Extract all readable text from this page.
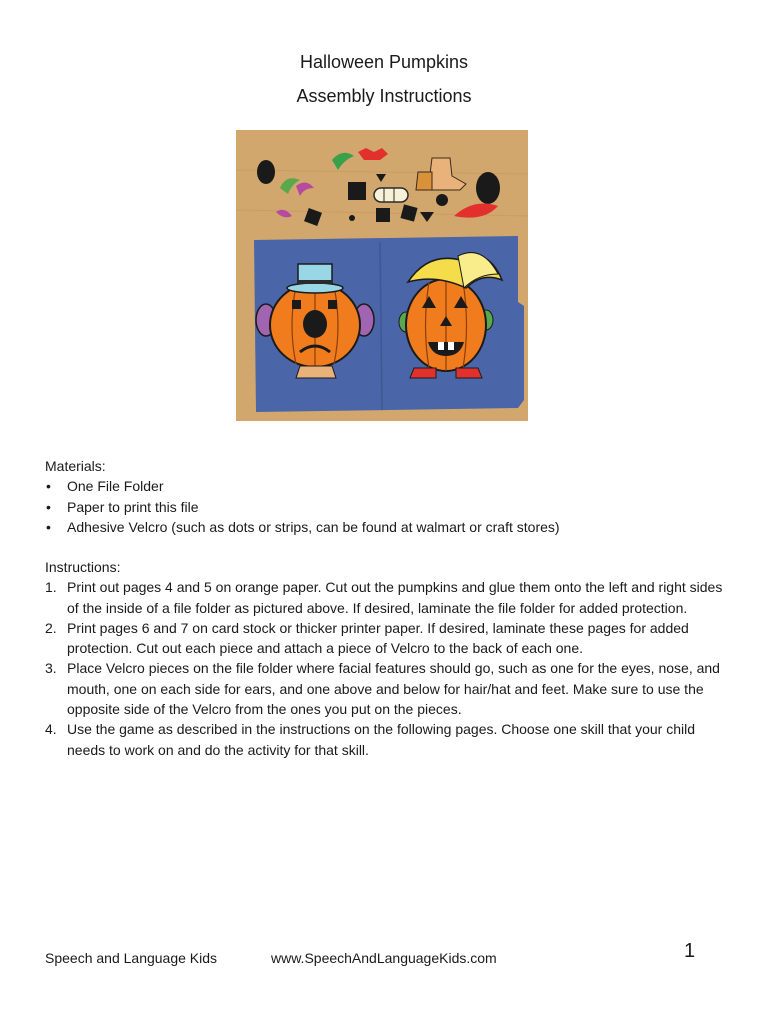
Halloween Pumpkins
Assembly Instructions
Materials:
• One File Folder
• Paper to print this file
• Adhesive Velcro (such as dots or strips, can be found at walmart or craft stores)
Instructions:
1. Print out pages 4 and 5 on orange paper. Cut out the pumpkins and glue them onto the left and right sides of the inside of a file folder as pictured above. If desired, laminate the file folder for added protection.
2. Print pages 6 and 7 on card stock or thicker printer paper. If desired, laminate these pages for added protection. Cut out each piece and attach a piece of Velcro to the back of each one.
3. Place Velcro pieces on the file folder where facial features should go, such as one for the eyes, nose, and mouth, one on each side for ears, and one above and below for hair/hat and feet. Make sure to use the opposite side of the Velcro from the ones you put on the pieces.
4. Use the game as described in the instructions on the following pages. Choose one skill that your child needs to work on and do the activity for that skill.
Speech and Language Kids	www.SpeechAndLanguageKids.com	1
